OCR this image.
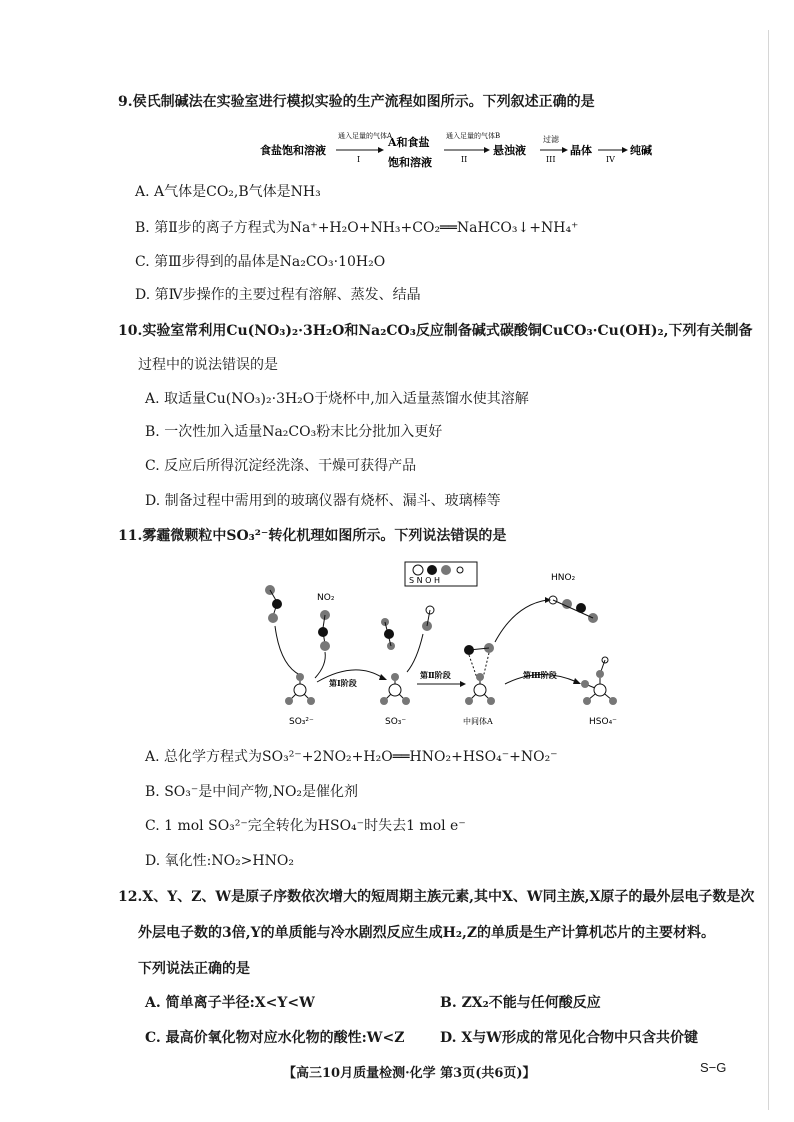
9.侯氏制碱法在实验室进行模拟实验的生产流程如图所示。下列叙述正确的是
食盐饱和溶液
通入足量的气体A
I
A和食盐
饱和溶液
通入足量的气体B
II
悬浊液
过滤
III
晶体
IV
纯碱
A. A气体是CO₂,B气体是NH₃
B. 第Ⅱ步的离子方程式为Na⁺+H₂O+NH₃+CO₂══NaHCO₃↓+NH₄⁺
C. 第Ⅲ步得到的晶体是Na₂CO₃·10H₂O
D. 第Ⅳ步操作的主要过程有溶解、蒸发、结晶
10.实验室常利用Cu(NO₃)₂·3H₂O和Na₂CO₃反应制备碱式碳酸铜CuCO₃·Cu(OH)₂,下列有关制备
过程中的说法错误的是
A. 取适量Cu(NO₃)₂·3H₂O于烧杯中,加入适量蒸馏水使其溶解
B. 一次性加入适量Na₂CO₃粉末比分批加入更好
C. 反应后所得沉淀经洗涤、干燥可获得产品
D. 制备过程中需用到的玻璃仪器有烧杯、漏斗、玻璃棒等
11.雾霾微颗粒中SO₃²⁻转化机理如图所示。下列说法错误的是
S N O H
NO₂
SO₃²⁻
第Ⅰ阶段
SO₃⁻
第Ⅱ阶段
中间体A
第Ⅲ阶段
HNO₂
HSO₄⁻
A. 总化学方程式为SO₃²⁻+2NO₂+H₂O══HNO₂+HSO₄⁻+NO₂⁻
B. SO₃⁻是中间产物,NO₂是催化剂
C. 1 mol SO₃²⁻完全转化为HSO₄⁻时失去1 mol e⁻
D. 氧化性:NO₂>HNO₂
12.X、Y、Z、W是原子序数依次增大的短周期主族元素,其中X、W同主族,X原子的最外层电子数是次
外层电子数的3倍,Y的单质能与冷水剧烈反应生成H₂,Z的单质是生产计算机芯片的主要材料。
下列说法正确的是
A. 简单离子半径:X<Y<W	B. ZX₂不能与任何酸反应
C. 最高价氧化物对应水化物的酸性:W<Z	D. X与W形成的常见化合物中只含共价键
【高三10月质量检测·化学 第3页(共6页)】	S−G
